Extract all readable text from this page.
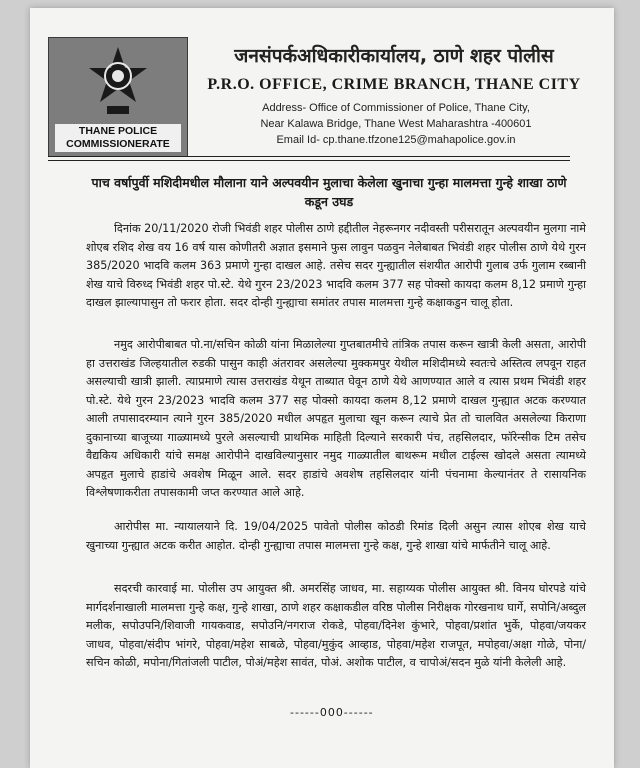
THANE POLICE
COMMISSIONERATE
जनसंपर्कअधिकारीकार्यालय, ठाणे शहर पोलीस
P.R.O. OFFICE, CRIME BRANCH, THANE CITY
Address- Office of Commissioner of Police, Thane City,
Near Kalawa Bridge, Thane West Maharashtra -400601
Email Id- cp.thane.tfzone125@mahapolice.gov.in
पाच वर्षापुर्वी मशिदीमधील मौलाना याने अल्पवयीन मुलाचा केलेला खुनाचा गुन्हा मालमत्ता गुन्हे शाखा ठाणे कडून उघड
दिनांक 20/11/2020 रोजी भिवंडी शहर पोलीस ठाणे हद्दीतील नेहरूनगर नदीवस्ती परीसरातून अल्पवयीन मुलगा नामे शोएब रशिद शेख वय 16 वर्ष यास कोणीतरी अज्ञात इसमाने फुस लावुन पळवुन नेलेबाबत भिवंडी शहर पोलीस ठाणे येथे गुरन 385/2020 भादवि कलम 363 प्रमाणे गुन्हा दाखल आहे. तसेच सदर गुन्ह्यातील संशयीत आरोपी गुलाब उर्फ गुलाम रब्बानी शेख याचे विरुध्द भिवंडी शहर पो.स्टे. येथे गुरन 23/2023 भादवि कलम 377 सह पोक्सो कायदा कलम 8,12 प्रमाणे गुन्हा दाखल झाल्यापासुन तो फरार होता. सदर दोन्ही गुन्ह्याचा समांतर तपास मालमत्ता गुन्हे कक्षाकडुन चालू होता.
नमुद आरोपीबाबत पो.ना/सचिन कोळी यांना मिळालेल्या गुप्तबातमीचे तांत्रिक तपास करून खात्री केली असता, आरोपी हा उत्तराखंड जिल्हयातील रुडकी पासुन काही अंतरावर असलेल्या मुक्कमपुर येथील मशिदीमध्ये स्वतःचे अस्तित्व लपवून राहत असल्याची खात्री झाली. त्याप्रमाणे त्यास उत्तराखंड येथून ताब्यात घेवून ठाणे येथे आणण्यात आले व त्यास प्रथम भिवंडी शहर पो.स्टे. येथे गुरन 23/2023 भादवि कलम 377 सह पोक्सो कायदा कलम 8,12 प्रमाणे दाखल गुन्ह्यात अटक करण्यात आली तपासादरम्यान त्याने गुरन 385/2020 मधील अपहृत मुलाचा खून करून त्याचे प्रेत तो चालवित असलेल्या किराणा दुकानाच्या बाजूच्या गाळ्यामध्ये पुरले असल्याची प्राथमिक माहिती दिल्याने सरकारी पंच, तहसिलदार, फॉरेन्सीक टिम तसेच वैद्यकिय अधिकारी यांचे समक्ष आरोपीने दाखविल्यानुसार नमुद गाळ्यातील बाथरूम मधील टाईल्स खोदले असता त्यामध्ये अपहृत मुलाचे हाडांचे अवशेष मिळून आले. सदर हाडांचे अवशेष तहसिलदार यांनी पंचनामा केल्यानंतर ते रासायनिक विश्लेषणाकरीता तपासकामी जप्त करण्यात आले आहे.
आरोपीस मा. न्यायालयाने दि. 19/04/2025 पावेतो पोलीस कोठडी रिमांड दिली असुन त्यास शोएब शेख याचे खुनाच्या गुन्ह्यात अटक करीत आहोत. दोन्ही गुन्ह्याचा तपास मालमत्ता गुन्हे कक्ष, गुन्हे शाखा यांचे मार्फतीने चालू आहे.
सदरची कारवाई मा. पोलीस उप आयुक्त श्री. अमरसिंह जाधव, मा. सहाय्यक पोलीस आयुक्त श्री. विनय घोरपडे यांचे मार्गदर्शनाखाली मालमत्ता गुन्हे कक्ष, गुन्हे शाखा, ठाणे शहर कक्षाकडील वरिष्ठ पोलीस निरीक्षक गोरखनाथ घार्गे, सपोनि/अब्दुल मलीक, सपोउपनि/शिवाजी गायकवाड, सपोउनि/नगराज रोकडे, पोहवा/दिनेश कुंभारे, पोहवा/प्रशांत भुर्के, पोहवा/जयकर जाधव, पोहवा/संदीप भांगरे, पोहवा/महेश साबळे, पोहवा/मुकुंद आव्हाड, पोहवा/महेश राजपूत, मपोहवा/अक्षा गोळे, पोना/सचिन कोळी, मपोना/गितांजली पाटील, पोअं/महेश सावंत, पोअं. अशोक पाटील, व चापोअं/सदन मुळे यांनी केलेली आहे.
------000------
